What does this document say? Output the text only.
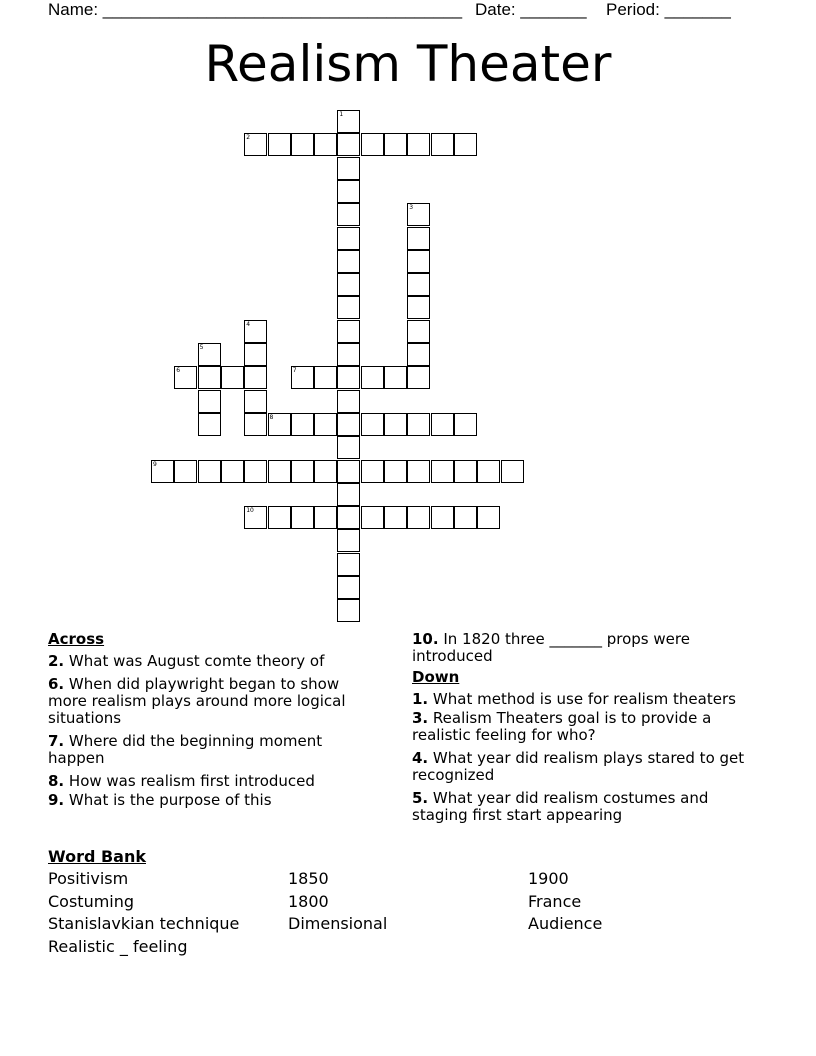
Name: ______________________________________ Date: _______ Period: _______
Realism Theater
1
2
3
4
5
6	7
8
9
10
Across
2. What was August comte theory of
6. When did playwright began to show more realism plays around more logical situations
7. Where did the beginning moment happen
8. How was realism first introduced
9. What is the purpose of this
10. In 1820 three _______ props were introduced
Down
1. What method is use for realism theaters
3. Realism Theaters goal is to provide a realistic feeling for who?
4. What year did realism plays stared to get recognized
5. What year did realism costumes and staging first start appearing
Word Bank
Positivism
Costuming
Stanislavkian technique
Realistic _ feeling
1850
1800
Dimensional
1900
France
Audience
